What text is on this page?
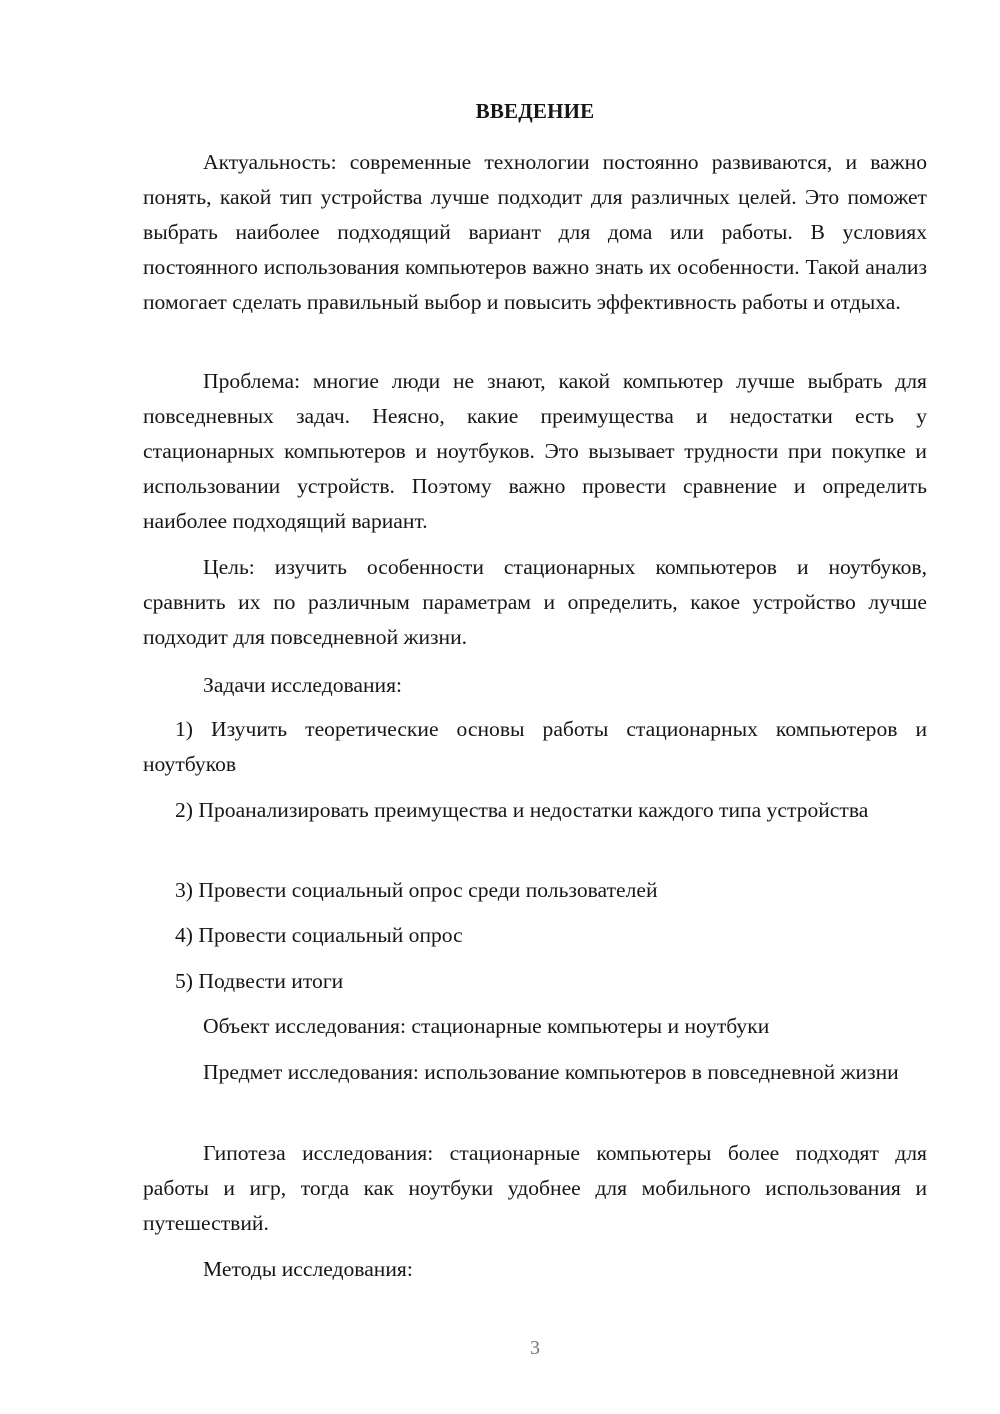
ВВЕДЕНИЕ

Актуальность: современные технологии постоянно развиваются, и важно понять, какой тип устройства лучше подходит для различных целей. Это поможет выбрать наиболее подходящий вариант для дома или работы. В условиях постоянного использования компьютеров важно знать их особенности. Такой анализ помогает сделать правильный выбор и повысить эффективность работы и отдыха.

Проблема: многие люди не знают, какой компьютер лучше выбрать для повседневных задач. Неясно, какие преимущества и недостатки есть у стационарных компьютеров и ноутбуков. Это вызывает трудности при покупке и использовании устройств. Поэтому важно провести сравнение и определить наиболее подходящий вариант.

Цель: изучить особенности стационарных компьютеров и ноутбуков, сравнить их по различным параметрам и определить, какое устройство лучше подходит для повседневной жизни.

Задачи исследования:

1) Изучить теоретические основы работы стационарных компьютеров и ноутбуков

2) Проанализировать преимущества и недостатки каждого типа устройства

3) Провести социальный опрос среди пользователей

4) Провести социальный опрос

5) Подвести итоги

Объект исследования: стационарные компьютеры и ноутбуки

Предмет исследования: использование компьютеров в повседневной жизни

Гипотеза исследования: стационарные компьютеры более подходят для работы и игр, тогда как ноутбуки удобнее для мобильного использования и путешествий.

Методы исследования:

3
